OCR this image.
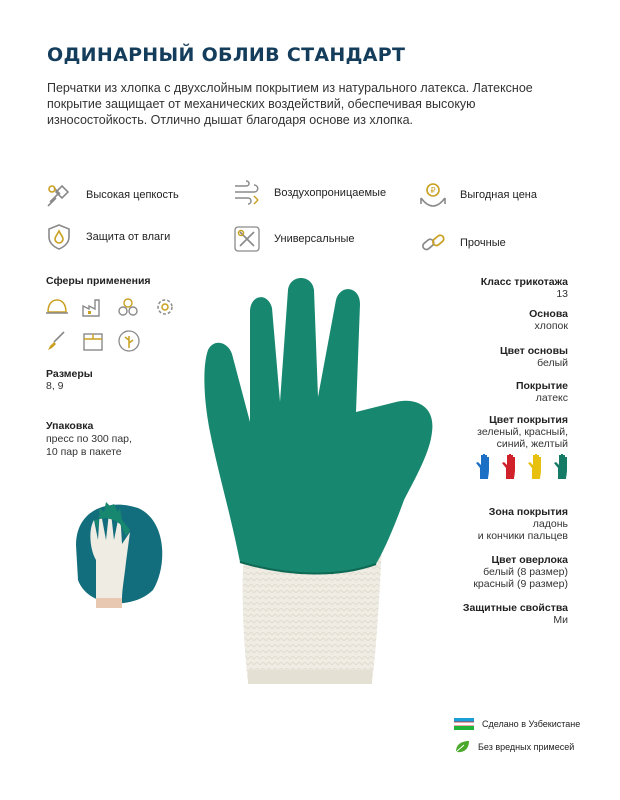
ОДИНАРНЫЙ ОБЛИВ СТАНДАРТ
Перчатки из хлопка с двухслойным покрытием из натурального латекса. Латексное покрытие защищает от механических воздействий, обеспечивая высокую износостойкость. Отлично дышат благодаря основе из хлопка.
Высокая цепкость	Воздухопроницаемые	₽ Выгодная цена
Защита от влаги	Универсальные	Прочные
Сферы применения
Размеры
8, 9
Упаковка
пресс по 300 пар,
10 пар в пакете
Класс трикотажа
13
Основа
хлопок
Цвет основы
белый
Покрытие
латекс
Цвет покрытия
зеленый, красный,
синий, желтый
Зона покрытия
ладонь
и кончики пальцев
Цвет оверлока
белый (8 размер)
красный (9 размер)
Защитные свойства
Ми
Сделано в Узбекистане
Без вредных примесей
